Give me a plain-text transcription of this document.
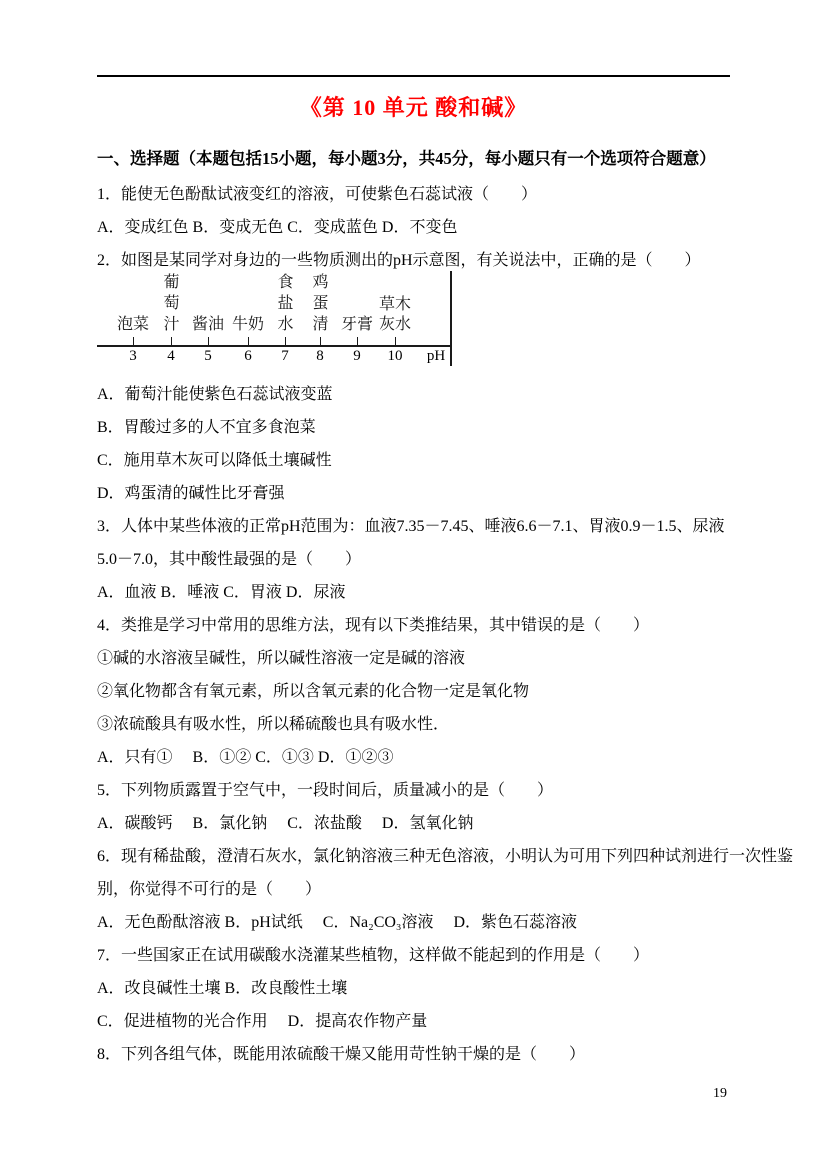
《第 10 单元 酸和碱》
一、选择题（本题包括15小题，每小题3分，共45分，每小题只有一个选项符合题意）

1．能使无色酚酞试液变红的溶液，可使紫色石蕊试液（　　）

A．变成红色 B．变成无色 C．变成蓝色 D．不变色

2．如图是某同学对身边的一些物质测出的pH示意图，有关说法中，正确的是（　　）

泡菜
葡萄汁 酱油 牛奶
食盐水
鸡蛋清 牙膏
草木灰水
3	4	5	6	7	8	9	10	pH

A．葡萄汁能使紫色石蕊试液变蓝

B．胃酸过多的人不宜多食泡菜

C．施用草木灰可以降低土壤碱性

D．鸡蛋清的碱性比牙膏强

3．人体中某些体液的正常pH范围为：血液7.35－7.45、唾液6.6－7.1、胃液0.9－1.5、尿液

5.0－7.0，其中酸性最强的是（　　）

A．血液 B．唾液 C．胃液 D．尿液

4．类推是学习中常用的思维方法，现有以下类推结果，其中错误的是（　　）

①碱的水溶液呈碱性，所以碱性溶液一定是碱的溶液

②氧化物都含有氧元素，所以含氧元素的化合物一定是氧化物

③浓硫酸具有吸水性，所以稀硫酸也具有吸水性．

A．只有①　 B．①② C．①③ D．①②③

5．下列物质露置于空气中，一段时间后，质量减小的是（　　）

A．碳酸钙　 B．氯化钠　 C．浓盐酸　 D．氢氧化钠

6．现有稀盐酸，澄清石灰水，氯化钠溶液三种无色溶液，小明认为可用下列四种试剂进行一次性鉴

别，你觉得不可行的是（　　）

A．无色酚酞溶液 B．pH试纸　 C．Na₂CO₃溶液　 D．紫色石蕊溶液

7．一些国家正在试用碳酸水浇灌某些植物，这样做不能起到的作用是（　　）

A．改良碱性土壤 B．改良酸性土壤

C．促进植物的光合作用　 D．提高农作物产量

8．下列各组气体，既能用浓硫酸干燥又能用苛性钠干燥的是（　　）

19
